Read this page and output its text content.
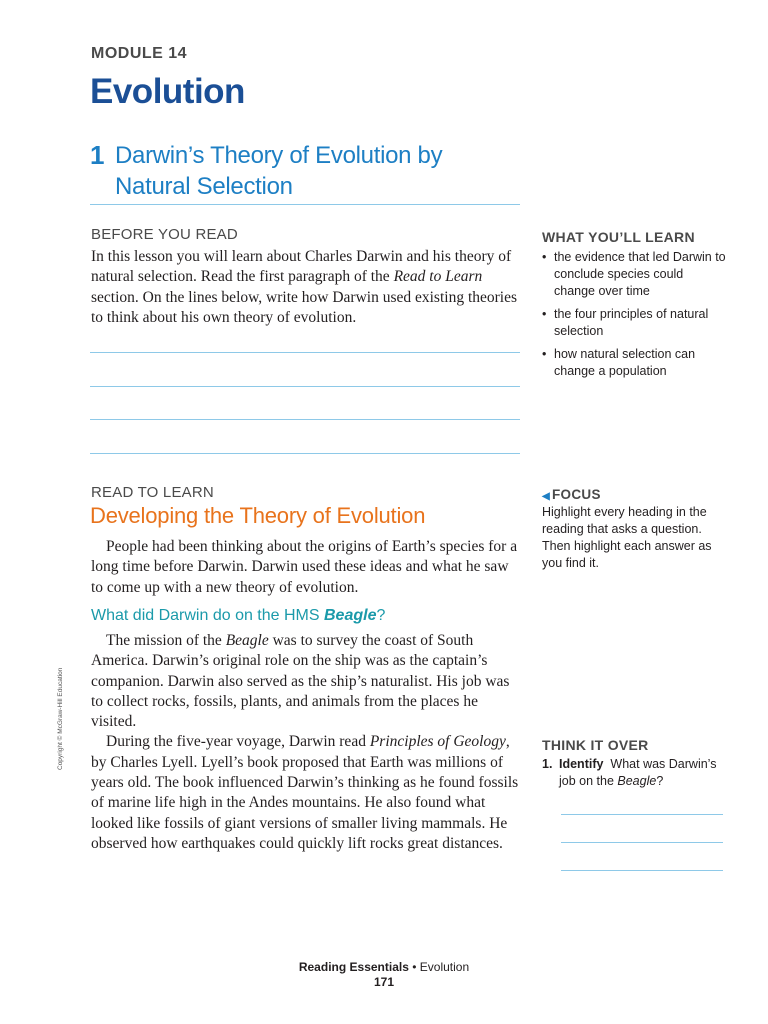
MODULE 14
Evolution
1 Darwin’s Theory of Evolution by Natural Selection
BEFORE YOU READ

In this lesson you will learn about Charles Darwin and his theory of natural selection. Read the first paragraph of the Read to Learn section. On the lines below, write how Darwin used existing theories to think about his own theory of evolution.

WHAT YOU’LL LEARN
• the evidence that led Darwin to conclude species could change over time
• the four principles of natural selection
• how natural selection can change a population
READ TO LEARN
Developing the Theory of Evolution

People had been thinking about the origins of Earth’s species for a long time before Darwin. Darwin used these ideas and what he saw to come up with a new theory of evolution.

What did Darwin do on the HMS Beagle?

The mission of the Beagle was to survey the coast of South America. Darwin’s original role on the ship was as the captain’s companion. Darwin also served as the ship’s naturalist. His job was to collect rocks, fossils, plants, and animals from the places he visited.

During the five-year voyage, Darwin read Principles of Geology, by Charles Lyell. Lyell’s book proposed that Earth was millions of years old. The book influenced Darwin’s thinking as he found fossils of marine life high in the Andes mountains. He also found what looked like fossils of giant versions of smaller living mammals. He observed how earthquakes could quickly lift rocks great distances.

◀ FOCUS
Highlight every heading in the reading that asks a question. Then highlight each answer as you find it.
THINK IT OVER
1. Identify What was Darwin’s job on the Beagle?
Copyright © McGraw-Hill Education
Reading Essentials • Evolution
171
